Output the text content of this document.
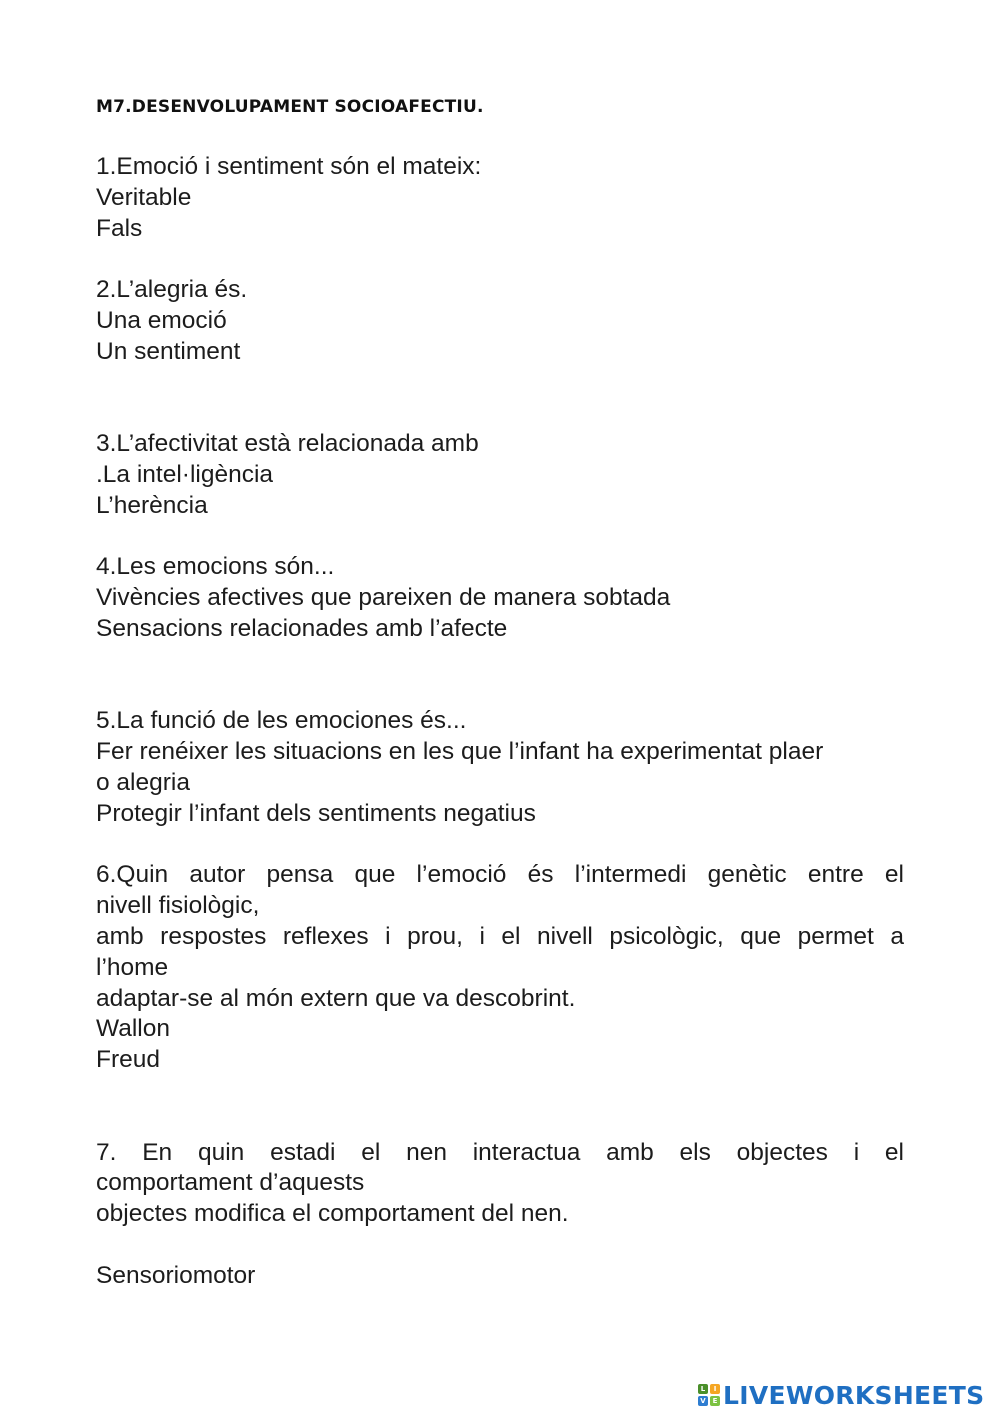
M7.DESENVOLUPAMENT SOCIOAFECTIU.

1.Emoció i sentiment són el mateix:

Veritable

Fals

2.L’alegria és.

Una emoció

Un sentiment

3.L’afectivitat està relacionada amb

.La intel·ligència

L’herència

4.Les emocions són...

Vivències afectives que pareixen de manera sobtada

Sensacions relacionades amb l’afecte

5.La funció de les emociones és...

Fer renéixer les situacions en les que l’infant ha experimentat plaer

o alegria

Protegir l’infant dels sentiments negatius

6.Quin autor pensa que l’emoció és l’intermedi genètic entre el

nivell fisiològic,

amb respostes reflexes i prou, i el nivell psicològic, que permet a

l’home

adaptar-se al món extern que va descobrint.

Wallon

Freud

7. En quin estadi el nen interactua amb els objectes i el

comportament d’aquests

objectes modifica el comportament del nen.

Sensoriomotor

L	I
V E LIVEWORKSHEETS
